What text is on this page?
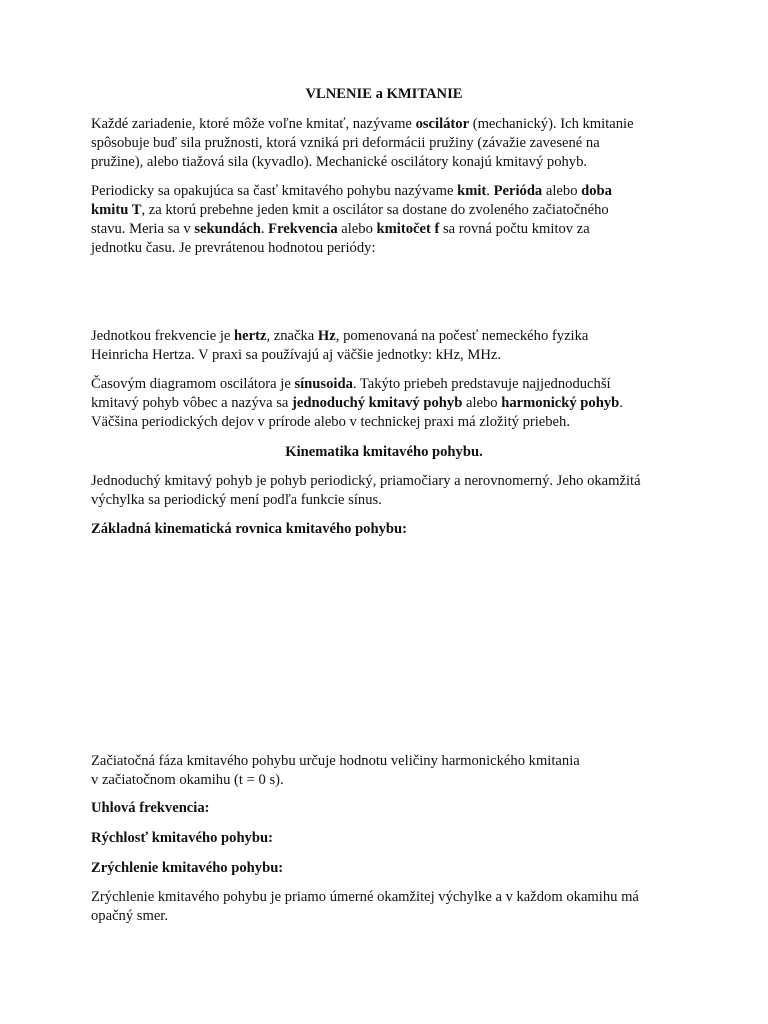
VLNENIE a KMITANIE

Každé zariadenie, ktoré môže voľne kmitať, nazývame oscilátor (mechanický). Ich kmitanie
spôsobuje buď sila pružnosti, ktorá vzniká pri deformácii pružiny (závažie zavesené na
pružine), alebo tiažová sila (kyvadlo). Mechanické oscilátory konajú kmitavý pohyb.
Periodicky sa opakujúca sa časť kmitavého pohybu nazývame kmit. Perióda alebo doba
kmitu T, za ktorú prebehne jeden kmit a oscilátor sa dostane do zvoleného začiatočného
stavu. Meria sa v sekundách. Frekvencia alebo kmitočet f sa rovná počtu kmitov za
jednotku času. Je prevrátenou hodnotou periódy:
Jednotkou frekvencie je hertz, značka Hz, pomenovaná na počesť nemeckého fyzika
Heinricha Hertza. V praxi sa používajú aj väčšie jednotky: kHz, MHz.
Časovým diagramom oscilátora je sínusoida. Takýto priebeh predstavuje najjednoduchší
kmitavý pohyb vôbec a nazýva sa jednoduchý kmitavý pohyb alebo harmonický pohyb.
Väčšina periodických dejov v prírode alebo v technickej praxi má zložitý priebeh.

Kinematika kmitavého pohybu.

Jednoduchý kmitavý pohyb je pohyb periodický, priamočiary a nerovnomerný. Jeho okamžitá
výchylka sa periodický mení podľa funkcie sínus.

Základná kinematická rovnica kmitavého pohybu:

Začiatočná fáza kmitavého pohybu určuje hodnotu veličiny harmonického kmitania
v začiatočnom okamihu (t = 0 s).

Uhlová frekvencia:

Rýchlosť kmitavého pohybu:

Zrýchlenie kmitavého pohybu:

Zrýchlenie kmitavého pohybu je priamo úmerné okamžitej výchylke a v každom okamihu má
opačný smer.
